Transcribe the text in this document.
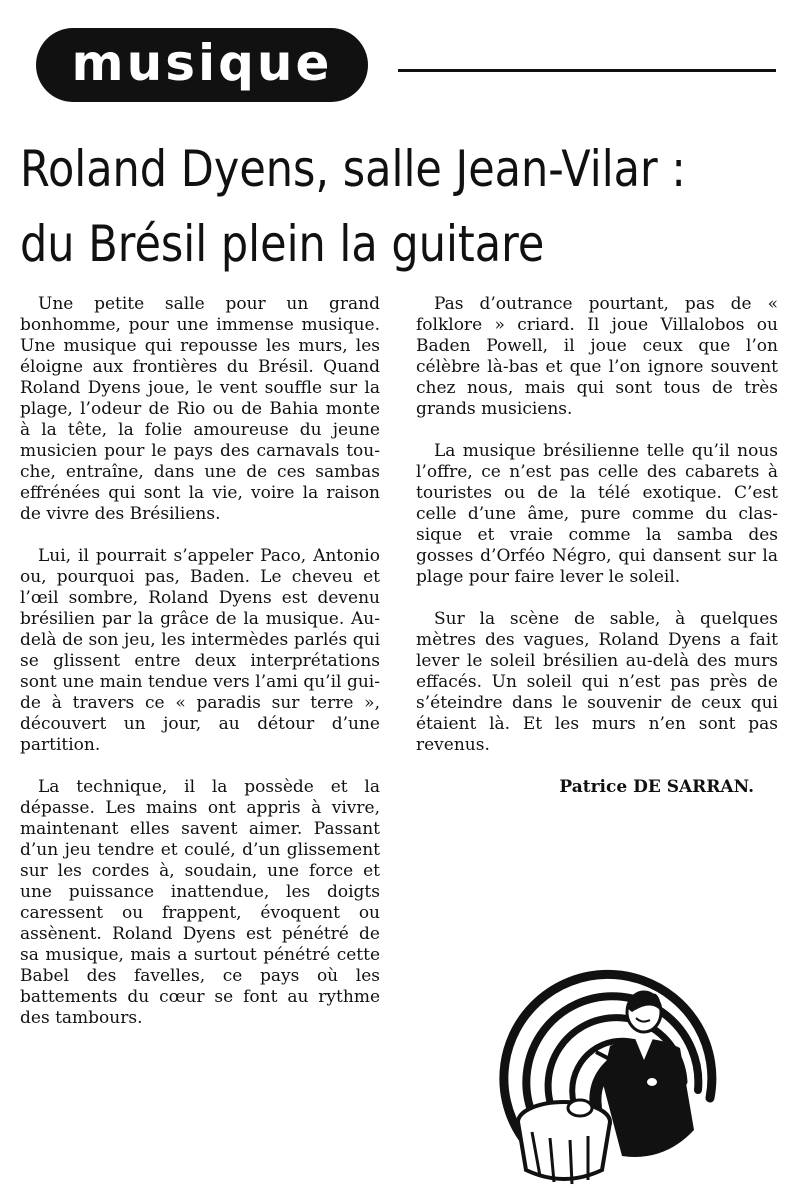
musique
Roland Dyens, salle Jean-Vilar :
du Brésil plein la guitare

Une petite salle pour un grand bonhomme, pour une immense musique. Une musique qui repousse les murs, les éloigne aux frontières du Brésil. Quand Roland Dyens joue, le vent souffle sur la plage, l’odeur de Rio ou de Bahia monte à la tête, la folie amoureuse du jeune musicien pour le pays des carnavals touche, entraîne, dans une de ces sambas effrénées qui sont la vie, voire la raison de vivre des Brésiliens.

Lui, il pourrait s’appeler Paco, Antonio ou, pourquoi pas, Baden. Le cheveu et l’œil sombre, Roland Dyens est devenu brésilien par la grâce de la musique. Au-delà de son jeu, les intermèdes parlés qui se glissent entre deux interprétations sont une main tendue vers l’ami qu’il guide à travers ce « paradis sur terre », découvert un jour, au détour d’une partition.

La technique, il la possède et la dépasse. Les mains ont appris à vivre, maintenant elles savent aimer. Passant d’un jeu tendre et coulé, d’un glissement sur les cordes à, soudain, une force et une puissance inattendue, les doigts caressent ou frappent, évoquent ou assènent. Roland Dyens est pénétré de sa musique, mais a surtout pénétré cette Babel des favelles, ce pays où les battements du cœur se font au rythme des tambours.

Pas d’outrance pourtant, pas de « folklore » criard. Il joue Villalobos ou Baden Powell, il joue ceux que l’on célèbre là-bas et que l’on ignore souvent chez nous, mais qui sont tous de très grands musiciens.

La musique brésilienne telle qu’il nous l’offre, ce n’est pas celle des cabarets à touristes ou de la télé exotique. C’est celle d’une âme, pure comme du classique et vraie comme la samba des gosses d’Orféo Négro, qui dansent sur la plage pour faire lever le soleil.

Sur la scène de sable, à quelques mètres des vagues, Roland Dyens a fait lever le soleil brésilien au-delà des murs effacés. Un soleil qui n’est pas près de s’éteindre dans le souvenir de ceux qui étaient là. Et les murs n’en sont pas revenus.

Patrice DE SARRAN.
